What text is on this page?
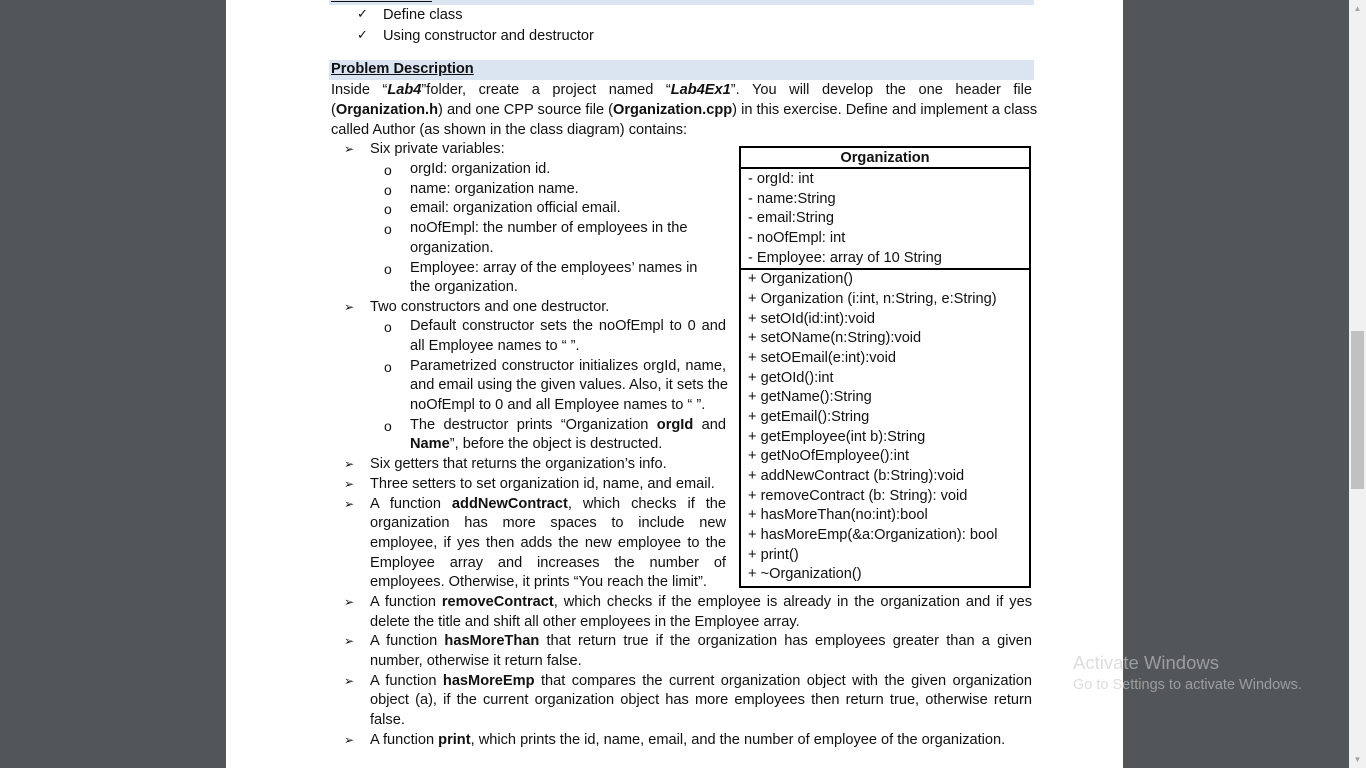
✓ Define class
✓ Using constructor and destructor
Problem Description
Inside “Lab4”folder, create a project named “Lab4Ex1”. You will develop the one header file
(Organization.h) and one CPP source file (Organization.cpp) in this exercise. Define and implement a class
called Author (as shown in the class diagram) contains:
➢ Six private variables:
o orgId: organization id.
o name: organization name.
o email: organization official email.
o noOfEmpl: the number of employees in the
organization.
o Employee: array of the employees’ names in
the organization.
➢ Two constructors and one destructor.
o Default constructor sets the noOfEmpl to 0 and
all Employee names to “ ”.
o Parametrized constructor initializes orgId, name,
and email using the given values. Also, it sets the
noOfEmpl to 0 and all Employee names to “ ”.
o The destructor prints “Organization orgId and
Name”, before the object is destructed.
➢ Six getters that returns the organization’s info.
➢ Three setters to set organization id, name, and email.
➢ A function addNewContract, which checks if the
organization has more spaces to include new
employee, if yes then adds the new employee to the
Employee array and increases the number of
employees. Otherwise, it prints “You reach the limit”.
➢ A function removeContract, which checks if the employee is already in the organization and if yes
delete the title and shift all other employees in the Employee array.
➢ A function hasMoreThan that return true if the organization has employees greater than a given
number, otherwise it return false.
➢ A function hasMoreEmp that compares the current organization object with the given organization
object (a), if the current organization object has more employees then return true, otherwise return
false.
➢ A function print, which prints the id, name, email, and the number of employee of the organization.
Organization
- orgId: int
- name:String
- email:String
- noOfEmpl: int
- Employee: array of 10 String
+ Organization()
+ Organization (i:int, n:String, e:String)
+ setOId(id:int):void
+ setOName(n:String):void
+ setOEmail(e:int):void
+ getOId():int
+ getName():String
+ getEmail():String
+ getEmployee(int b):String
+ getNoOfEmployee():int
+ addNewContract (b:String):void
+ removeContract (b: String): void
+ hasMoreThan(no:int):bool
+ hasMoreEmp(&a:Organization): bool
+ print()
+ ~Organization()
Activate Windows
Go to Settings to activate Windows.
▲
▼
